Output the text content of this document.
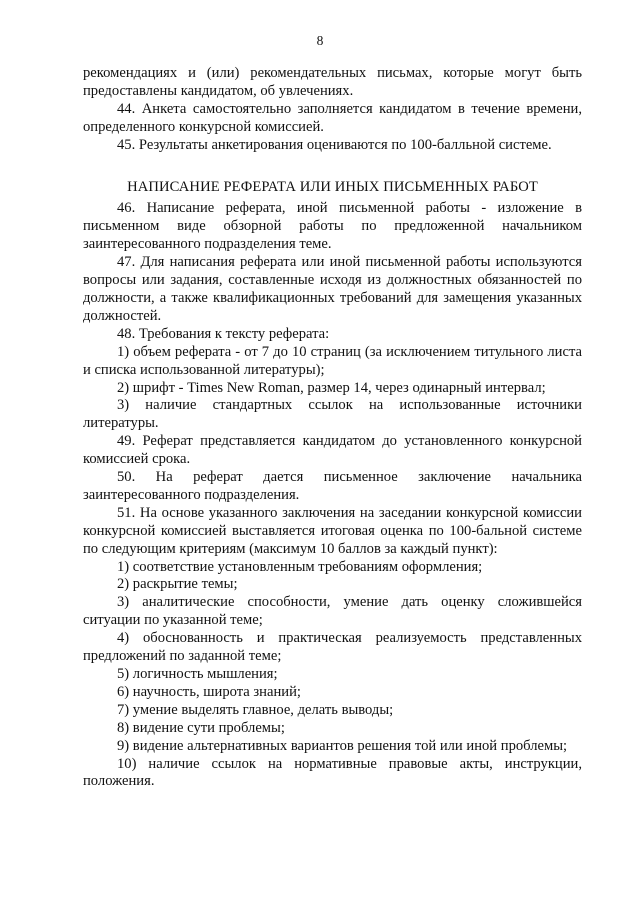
8

рекомендациях и (или) рекомендательных письмах, которые могут быть предоставлены кандидатом, об увлечениях.

44. Анкета самостоятельно заполняется кандидатом в течение времени, определенного конкурсной комиссией.

45. Результаты анкетирования оцениваются по 100-балльной системе.

НАПИСАНИЕ РЕФЕРАТА ИЛИ ИНЫХ ПИСЬМЕННЫХ РАБОТ

46. Написание реферата, иной письменной работы - изложение в письменном виде обзорной работы по предложенной начальником заинтересованного подразделения теме.

47. Для написания реферата или иной письменной работы используются вопросы или задания, составленные исходя из должностных обязанностей по должности, а также квалификационных требований для замещения указанных должностей.

48. Требования к тексту реферата:

1) объем реферата - от 7 до 10 страниц (за исключением титульного листа и списка использованной литературы);

2) шрифт - Times New Roman, размер 14, через одинарный интервал;

3) наличие стандартных ссылок на использованные источники литературы.

49. Реферат представляется кандидатом до установленного конкурсной комиссией срока.

50. На реферат дается письменное заключение начальника заинтересованного подразделения.

51. На основе указанного заключения на заседании конкурсной комиссии конкурсной комиссией выставляется итоговая оценка по 100-бальной системе по следующим критериям (максимум 10 баллов за каждый пункт):

1) соответствие установленным требованиям оформления;

2) раскрытие темы;

3) аналитические способности, умение дать оценку сложившейся ситуации по указанной теме;

4) обоснованность и практическая реализуемость представленных предложений по заданной теме;

5) логичность мышления;

6) научность, широта знаний;

7) умение выделять главное, делать выводы;

8) видение сути проблемы;

9) видение альтернативных вариантов решения той или иной проблемы;

10) наличие ссылок на нормативные правовые акты, инструкции, положения.
